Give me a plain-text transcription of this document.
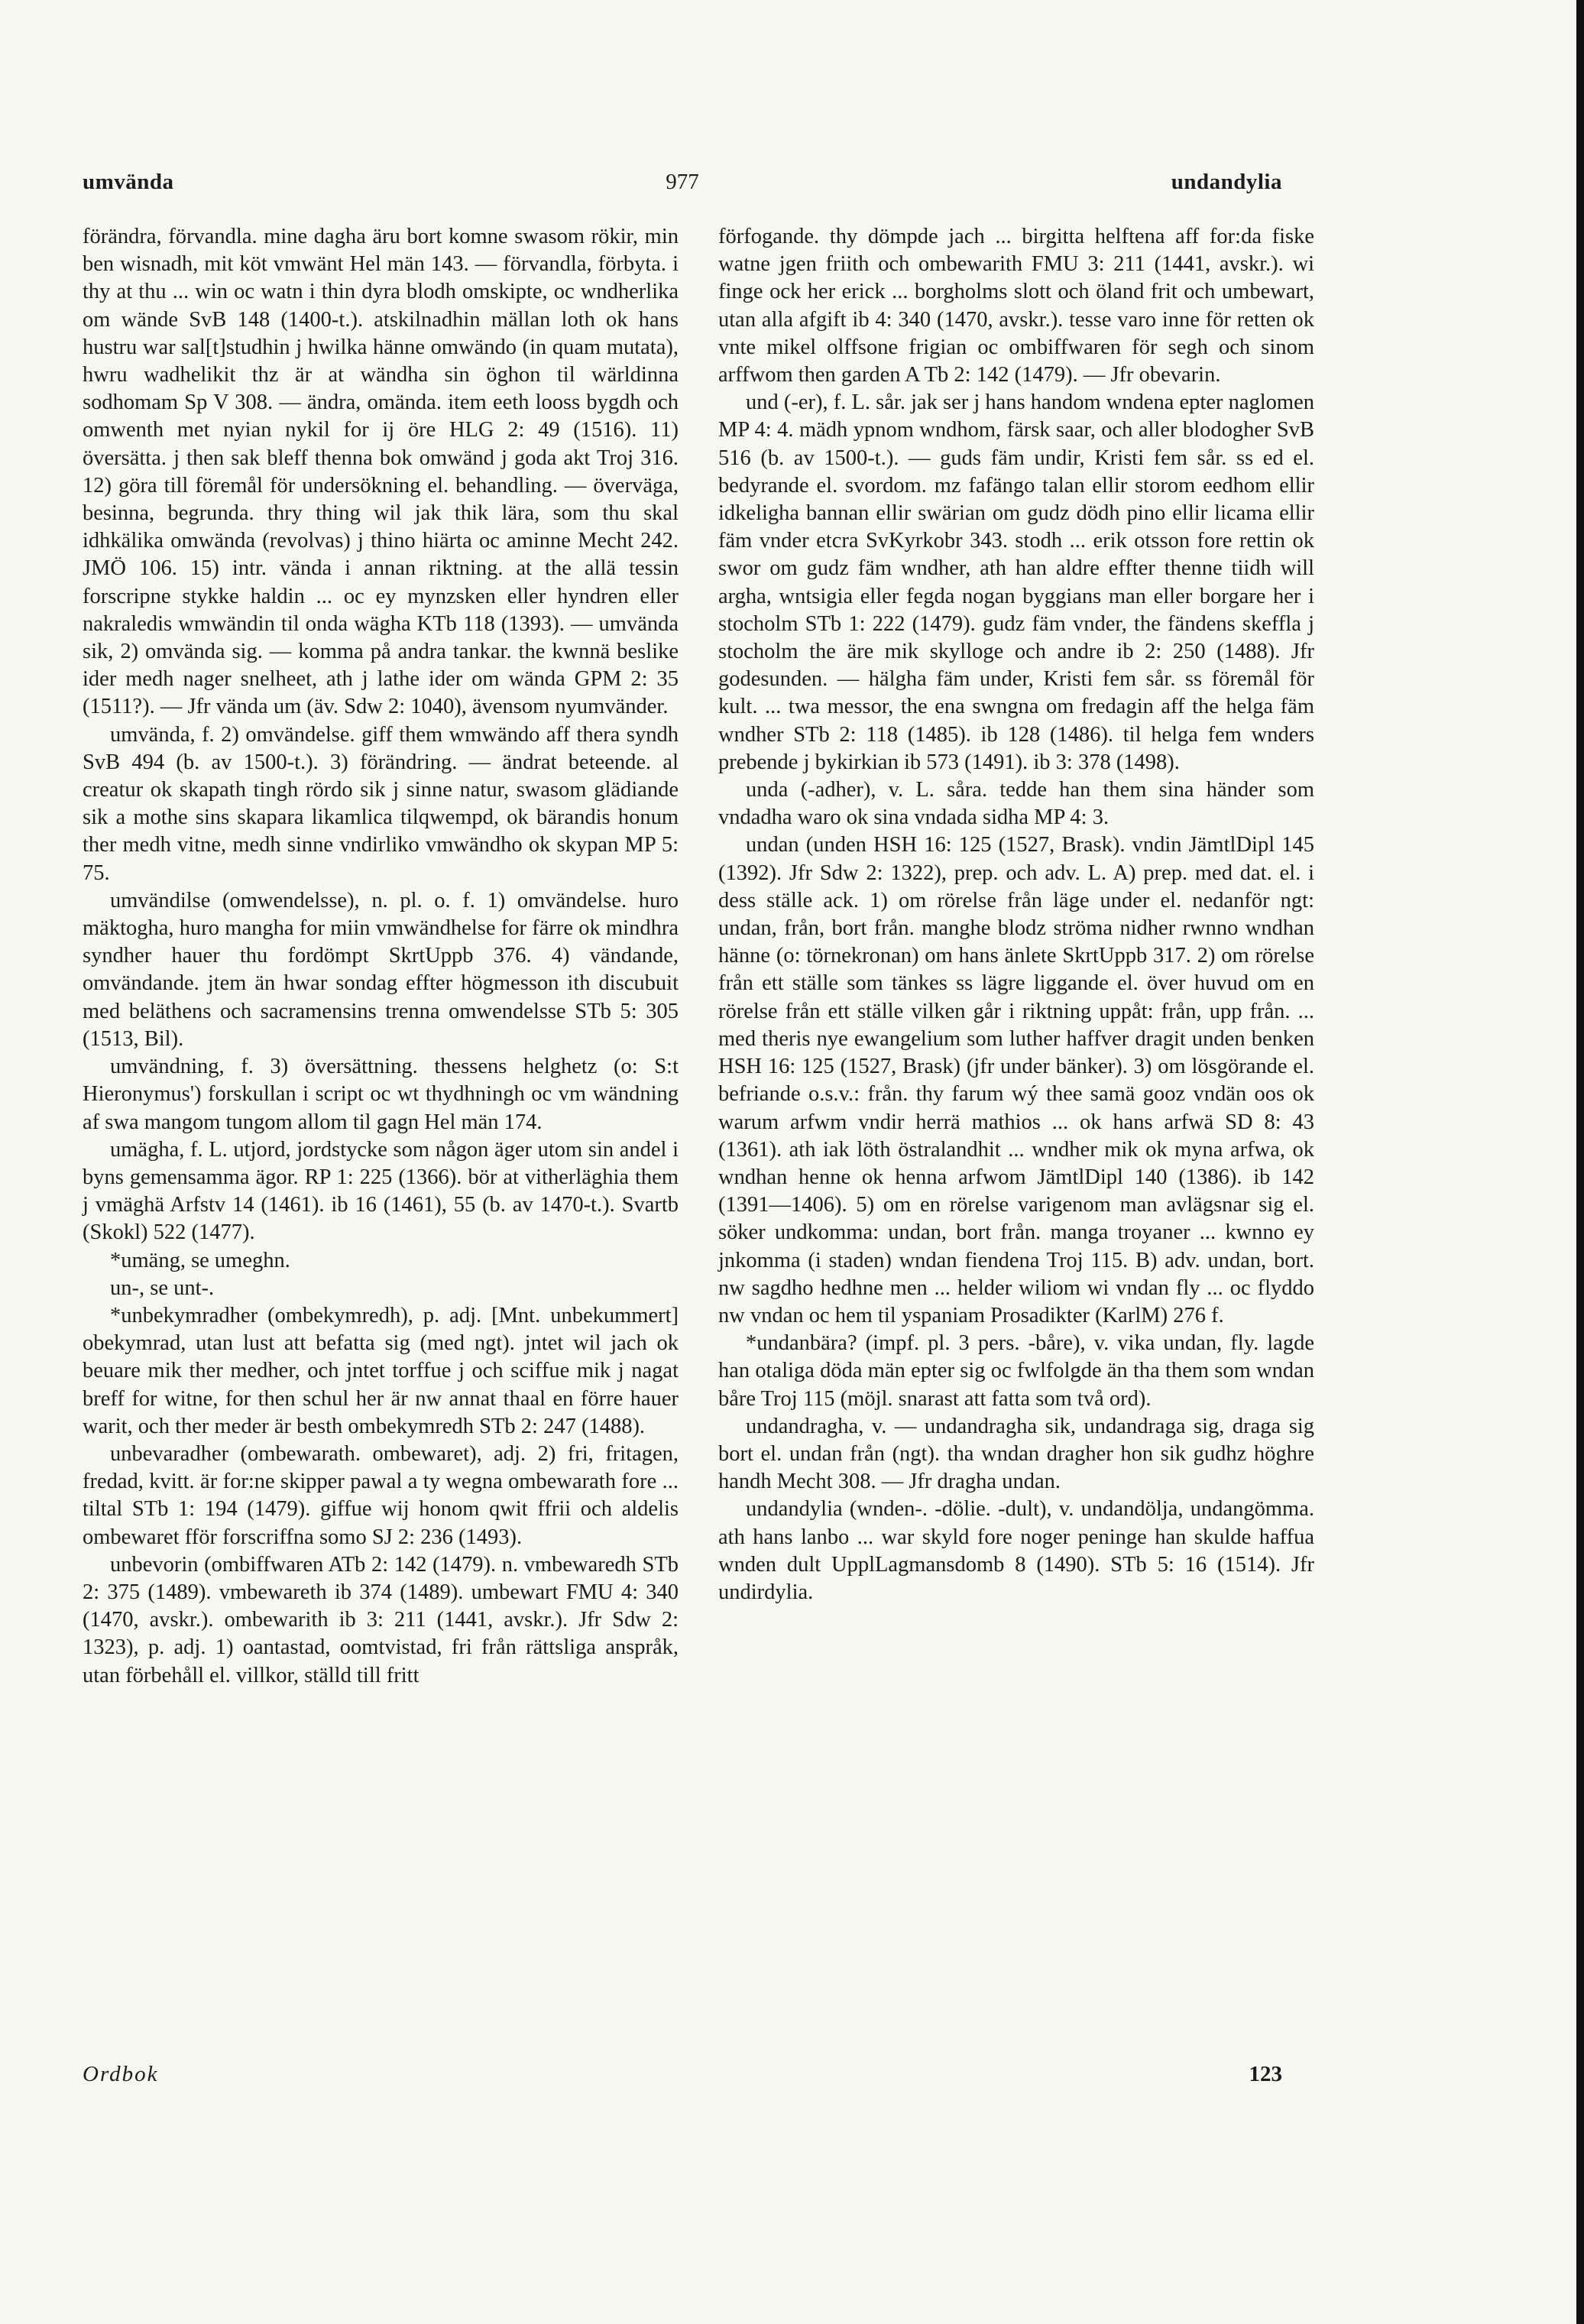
umvända	977	undandylia

förändra, förvandla. mine dagha äru bort komne swasom rökir, min ben wisnadh, mit köt vmwänt Hel män 143. — förvandla, förbyta. i thy at thu ... win oc watn i thin dyra blodh omskipte, oc wndherlika om wände SvB 148 (1400-t.). atskilnadhin mällan loth ok hans hustru war sal[t]studhin j hwilka hänne omwändo (in quam mutata), hwru wadhelikit thz är at wändha sin öghon til wärldinna sodhomam Sp V 308. — ändra, omända. item eeth looss bygdh och omwenth met nyian nykil for ij öre HLG 2: 49 (1516). 11) översätta. j then sak bleff thenna bok omwänd j goda akt Troj 316. 12) göra till föremål för undersökning el. behandling. — överväga, besinna, begrunda. thry thing wil jak thik lära, som thu skal idhkälika omwända (revolvas) j thino hiärta oc aminne Mecht 242. JMÖ 106. 15) intr. vända i annan riktning. at the allä tessin forscripne stykke haldin ... oc ey mynzsken eller hyndren eller nakraledis wmwändin til onda wägha KTb 118 (1393). — umvända sik, 2) omvända sig. — komma på andra tankar. the kwnnä beslike ider medh nager snelheet, ath j lathe ider om wända GPM 2: 35 (1511?). — Jfr vända um (äv. Sdw 2: 1040), ävensom nyumvänder.

umvända, f. 2) omvändelse. giff them wmwändo aff thera syndh SvB 494 (b. av 1500-t.). 3) förändring. — ändrat beteende. al creatur ok skapath tingh rördo sik j sinne natur, swasom glädiande sik a mothe sins skapara likamlica tilqwempd, ok bärandis honum ther medh vitne, medh sinne vndirliko vmwändho ok skypan MP 5: 75.

umvändilse (omwendelsse), n. pl. o. f. 1) omvändelse. huro mäktogha, huro mangha for miin vmwändhelse for färre ok mindhra syndher hauer thu fordömpt SkrtUppb 376. 4) vändande, omvändande. jtem än hwar sondag effter högmesson ith discubuit med beläthens och sacramensins trenna omwendelsse STb 5: 305 (1513, Bil).

umvändning, f. 3) översättning. thessens helghetz (o: S:t Hieronymus') forskullan i script oc wt thydhningh oc vm wändning af swa mangom tungom allom til gagn Hel män 174.

umägha, f. L. utjord, jordstycke som någon äger utom sin andel i byns gemensamma ägor. RP 1: 225 (1366). bör at vitherläghia them j vmäghä Arfstv 14 (1461). ib 16 (1461), 55 (b. av 1470-t.). Svartb (Skokl) 522 (1477).

*umäng, se umeghn.

un-, se unt-.

*unbekymradher (ombekymredh), p. adj. [Mnt. unbekummert] obekymrad, utan lust att befatta sig (med ngt). jntet wil jach ok beuare mik ther medher, och jntet torffue j och sciffue mik j nagat breff for witne, for then schul her är nw annat thaal en förre hauer warit, och ther meder är besth ombekymredh STb 2: 247 (1488).

unbevaradher (ombewarath. ombewaret), adj. 2) fri, fritagen, fredad, kvitt. är for:ne skipper pawal a ty wegna ombewarath fore ... tiltal STb 1: 194 (1479). giffue wij honom qwit ffrii och aldelis ombewaret fför forscriffna somo SJ 2: 236 (1493).

unbevorin (ombiffwaren ATb 2: 142 (1479). n. vmbewaredh STb 2: 375 (1489). vmbewareth ib 374 (1489). umbewart FMU 4: 340 (1470, avskr.). ombewarith ib 3: 211 (1441, avskr.). Jfr Sdw 2: 1323), p. adj. 1) oantastad, oomtvistad, fri från rättsliga anspråk, utan förbehåll el. villkor, ställd till fritt

förfogande. thy dömpde jach ... birgitta helftena aff for:da fiske watne jgen friith och ombewarith FMU 3: 211 (1441, avskr.). wi finge ock her erick ... borgholms slott och öland frit och umbewart, utan alla afgift ib 4: 340 (1470, avskr.). tesse varo inne för retten ok vnte mikel olffsone frigian oc ombiffwaren för segh och sinom arffwom then garden A Tb 2: 142 (1479). — Jfr obevarin.

und (-er), f. L. sår. jak ser j hans handom wndena epter naglomen MP 4: 4. mädh ypnom wndhom, färsk saar, och aller blodogher SvB 516 (b. av 1500-t.). — guds fäm undir, Kristi fem sår. ss ed el. bedyrande el. svordom. mz fafängo talan ellir storom eedhom ellir idkeligha bannan ellir swärian om gudz dödh pino ellir licama ellir fäm vnder etcra SvKyrkobr 343. stodh ... erik otsson fore rettin ok swor om gudz fäm wndher, ath han aldre effter thenne tiidh will argha, wntsigia eller fegda nogan byggians man eller borgare her i stocholm STb 1: 222 (1479). gudz fäm vnder, the fändens skeffla j stocholm the äre mik skylloge och andre ib 2: 250 (1488). Jfr godesunden. — hälgha fäm under, Kristi fem sår. ss föremål för kult. ... twa messor, the ena swngna om fredagin aff the helga fäm wndher STb 2: 118 (1485). ib 128 (1486). til helga fem wnders prebende j bykirkian ib 573 (1491). ib 3: 378 (1498).

unda (-adher), v. L. såra. tedde han them sina händer som vndadha waro ok sina vndada sidha MP 4: 3.

undan (unden HSH 16: 125 (1527, Brask). vndin JämtlDipl 145 (1392). Jfr Sdw 2: 1322), prep. och adv. L. A) prep. med dat. el. i dess ställe ack. 1) om rörelse från läge under el. nedanför ngt: undan, från, bort från. manghe blodz ströma nidher rwnno wndhan hänne (o: törnekronan) om hans änlete SkrtUppb 317. 2) om rörelse från ett ställe som tänkes ss lägre liggande el. över huvud om en rörelse från ett ställe vilken går i riktning uppåt: från, upp från. ... med theris nye ewangelium som luther haffver dragit unden benken HSH 16: 125 (1527, Brask) (jfr under bänker). 3) om lösgörande el. befriande o.s.v.: från. thy farum wý thee samä gooz vndän oos ok warum arfwm vndir herrä mathios ... ok hans arfwä SD 8: 43 (1361). ath iak löth östralandhit ... wndher mik ok myna arfwa, ok wndhan henne ok henna arfwom JämtlDipl 140 (1386). ib 142 (1391—1406). 5) om en rörelse varigenom man avlägsnar sig el. söker undkomma: undan, bort från. manga troyaner ... kwnno ey jnkomma (i staden) wndan fiendena Troj 115. B) adv. undan, bort. nw sagdho hedhne men ... helder wiliom wi vndan fly ... oc flyddo nw vndan oc hem til yspaniam Prosadikter (KarlM) 276 f.

*undanbära? (impf. pl. 3 pers. -båre), v. vika undan, fly. lagde han otaliga döda män epter sig oc fwlfolgde än tha them som wndan båre Troj 115 (möjl. snarast att fatta som två ord).

undandragha, v. — undandragha sik, undandraga sig, draga sig bort el. undan från (ngt). tha wndan dragher hon sik gudhz höghre handh Mecht 308. — Jfr dragha undan.

undandylia (wnden-. -dölie. -dult), v. undandölja, undangömma. ath hans lanbo ... war skyld fore noger peninge han skulde haffua wnden dult UpplLagmansdomb 8 (1490). STb 5: 16 (1514). Jfr undirdylia.

Ordbok	123
